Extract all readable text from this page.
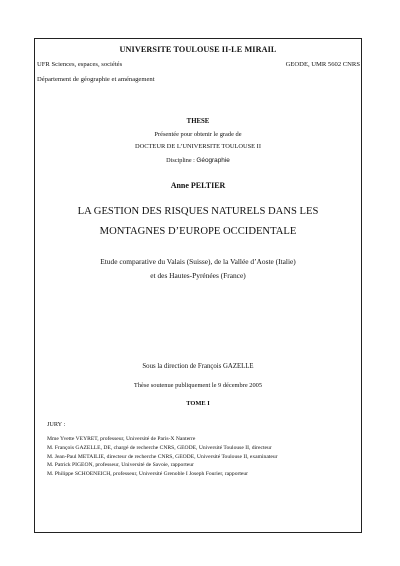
UNIVERSITE TOULOUSE II-LE MIRAIL
UFR Sciences, espaces, sociétés	GEODE, UMR 5602 CNRS
Département de géographie et aménagement
THESE
Présentée pour obtenir le grade de
DOCTEUR DE L’UNIVERSITE TOULOUSE II
Discipline : Géographie
Anne PELTIER
LA GESTION DES RISQUES NATURELS DANS LES
MONTAGNES D’EUROPE OCCIDENTALE
Etude comparative du Valais (Suisse), de la Vallée d’Aoste (Italie)
et des Hautes-Pyrénées (France)
Sous la direction de François GAZELLE
Thèse soutenue publiquement le 9 décembre 2005
TOME I
JURY :
Mme Yvette VEYRET, professeur, Université de Paris-X Nanterre
M. François GAZELLE, DE, chargé de recherche CNRS, GEODE, Université Toulouse II, directeur
M. Jean-Paul METAILIE, directeur de recherche CNRS, GEODE, Université Toulouse II, examinateur
M. Patrick PIGEON, professeur, Université de Savoie, rapporteur
M. Philippe SCHOENEICH, professeur, Université Grenoble I Joseph Fourier, rapporteur
